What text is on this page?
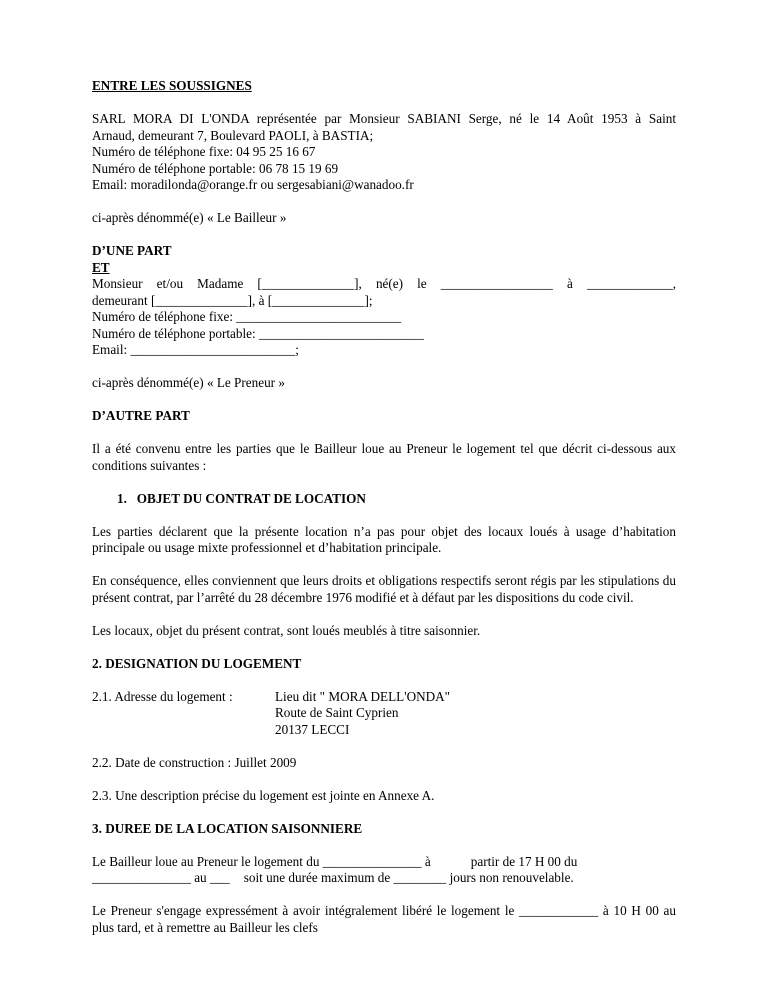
ENTRE LES SOUSSIGNES

SARL MORA DI L'ONDA représentée par Monsieur SABIANI Serge, né le 14 Août 1953 à Saint

Arnaud, demeurant 7, Boulevard PAOLI, à BASTIA;

Numéro de téléphone fixe: 04 95 25 16 67

Numéro de téléphone portable: 06 78 15 19 69

Email: moradilonda@orange.fr ou sergesabiani@wanadoo.fr

ci-après dénommé(e) « Le Bailleur »

D’UNE PART

ET

Monsieur et/ou Madame [______________], né(e) le _________________ à _____________,

demeurant [______________], à [______________];

Numéro de téléphone fixe: _________________________

Numéro de téléphone portable: _________________________

Email: _________________________;

ci-après dénommé(e) « Le Preneur »

D’AUTRE PART

Il a été convenu entre les parties que le Bailleur loue au Preneur le logement tel que décrit ci-dessous aux conditions suivantes :

1. OBJET DU CONTRAT DE LOCATION

Les parties déclarent que la présente location n’a pas pour objet des locaux loués à usage d’habitation principale ou usage mixte professionnel et d’habitation principale.

En conséquence, elles conviennent que leurs droits et obligations respectifs seront régis par les stipulations du présent contrat, par l’arrêté du 28 décembre 1976 modifié et à défaut par les dispositions du code civil.

Les locaux, objet du présent contrat, sont loués meublés à titre saisonnier.

2. DESIGNATION DU LOGEMENT

2.1. Adresse du logement :	Lieu dit " MORA DELL'ONDA"

Route de Saint Cyprien

20137 LECCI

2.2. Date de construction : Juillet 2009

2.3. Une description précise du logement est jointe en Annexe A.

3. DUREE DE LA LOCATION SAISONNIERE

Le Bailleur loue au Preneur le logement du _______________ à	partir de 17 H 00 du

_______________ au ___ soit une durée maximum de ________ jours non renouvelable.

Le Preneur s'engage expressément à avoir intégralement libéré le logement le ____________ à 10 H 00 au plus tard, et à remettre au Bailleur les clefs
